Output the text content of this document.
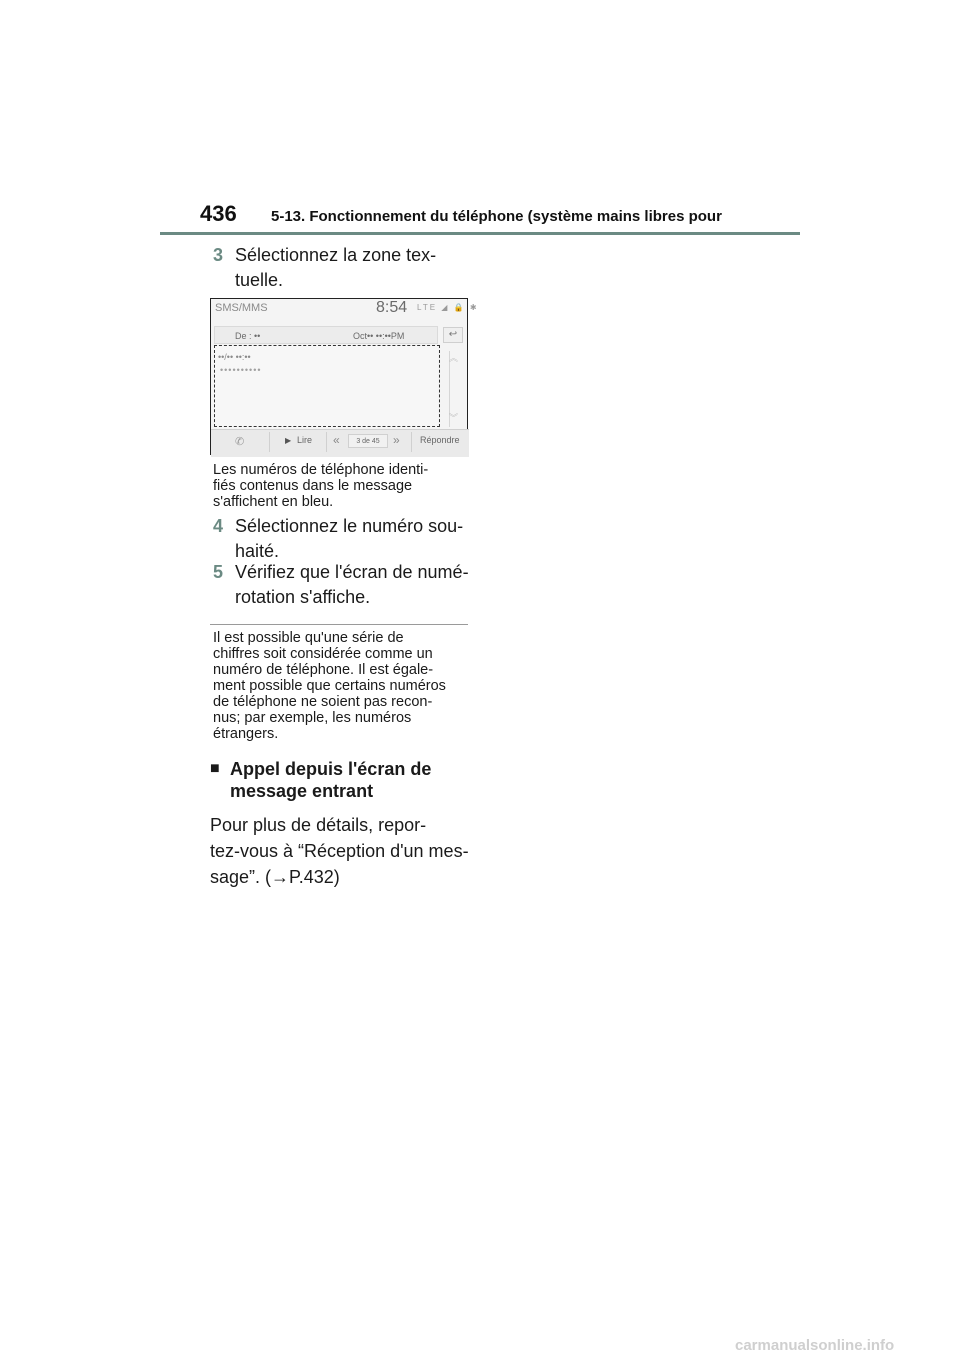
436 5-13. Fonctionnement du téléphone (système mains libres pour
3 Sélectionnez la zone tex-
tuelle.
SMS/MMS	8:54 LTE ◢ 🔒 ✱
De : ••	Oct•• ••:••PM	↩
••/•• ••:••
••••••••••
︽
︾
✆	▶ Lire «	3 de 45	» Répondre
Les numéros de téléphone identi-
fiés contenus dans le message
s'affichent en bleu.
4 Sélectionnez le numéro sou-
haité.
5 Vérifiez que l'écran de numé-
rotation s'affiche.
Il est possible qu'une série de
chiffres soit considérée comme un
numéro de téléphone. Il est égale-
ment possible que certains numéros
de téléphone ne soient pas recon-
nus; par exemple, les numéros
étrangers.
■ Appel depuis l'écran de
message entrant
Pour plus de détails, repor-
tez-vous à “Réception d'un mes-
sage”. (→P.432)
carmanualsonline.info
